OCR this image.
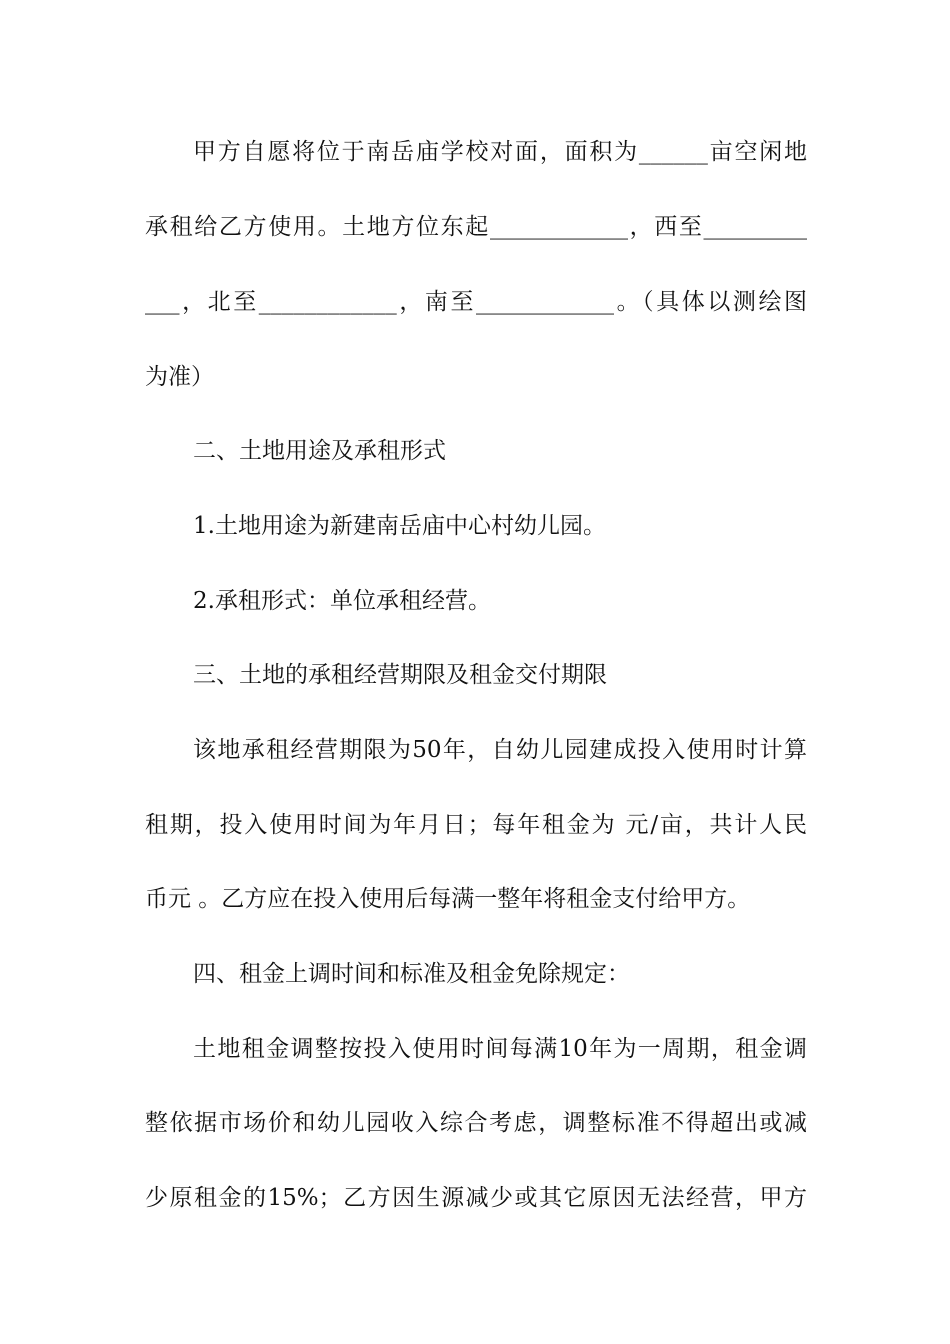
甲方自愿将位于南岳庙学校对面，面积为______亩空闲地
承租给乙方使用。土地方位东起____________，西至_________
___，北至____________，南至____________。（具体以测绘图
为准）
二、土地用途及承租形式
1.土地用途为新建南岳庙中心村幼儿园。
2.承租形式：单位承租经营。
三、土地的承租经营期限及租金交付期限
该地承租经营期限为50年，自幼儿园建成投入使用时计算
租期，投入使用时间为年月日；每年租金为 元/亩，共计人民
币元 。乙方应在投入使用后每满一整年将租金支付给甲方。
四、租金上调时间和标准及租金免除规定：
土地租金调整按投入使用时间每满10年为一周期，租金调
整依据市场价和幼儿园收入综合考虑，调整标准不得超出或减
少原租金的15%；乙方因生源减少或其它原因无法经营，甲方
